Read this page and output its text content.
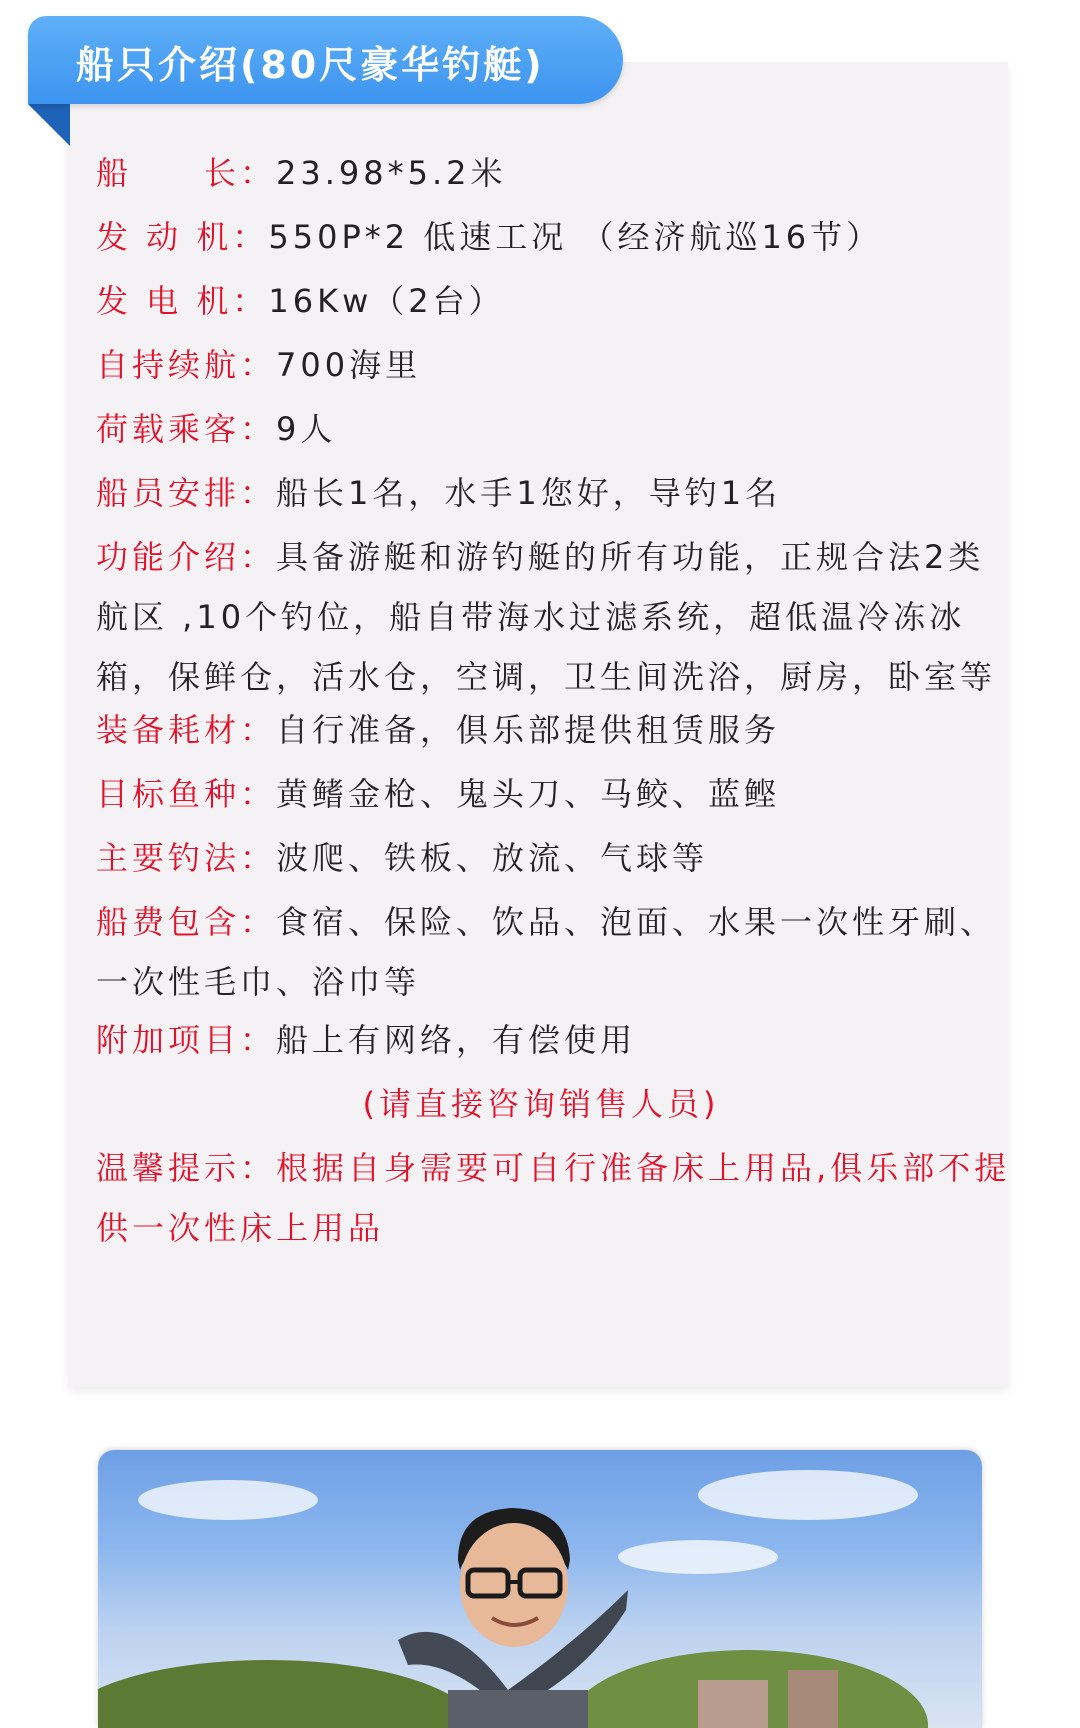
船只介绍(80尺豪华钓艇)
船　　长：23.98*5.2米
发 动 机：550P*2 低速工况 （经济航巡16节）
发 电 机：16Kw（2台）
自持续航：700海里
荷载乘客：9人
船员安排：船长1名，水手1您好，导钓1名
功能介绍：具备游艇和游钓艇的所有功能，正规合法2类航区 ,10个钓位，船自带海水过滤系统，超低温冷冻冰箱，保鲜仓，活水仓，空调，卫生间洗浴，厨房，卧室等
装备耗材：自行准备，俱乐部提供租赁服务
目标鱼种：黄鳍金枪、鬼头刀、马鲛、蓝鲣
主要钓法：波爬、铁板、放流、气球等
船费包含：食宿、保险、饮品、泡面、水果一次性牙刷、一次性毛巾、浴巾等
附加项目：船上有网络，有偿使用
(请直接咨询销售人员)
温馨提示：根据自身需要可自行准备床上用品,俱乐部不提供一次性床上用品
